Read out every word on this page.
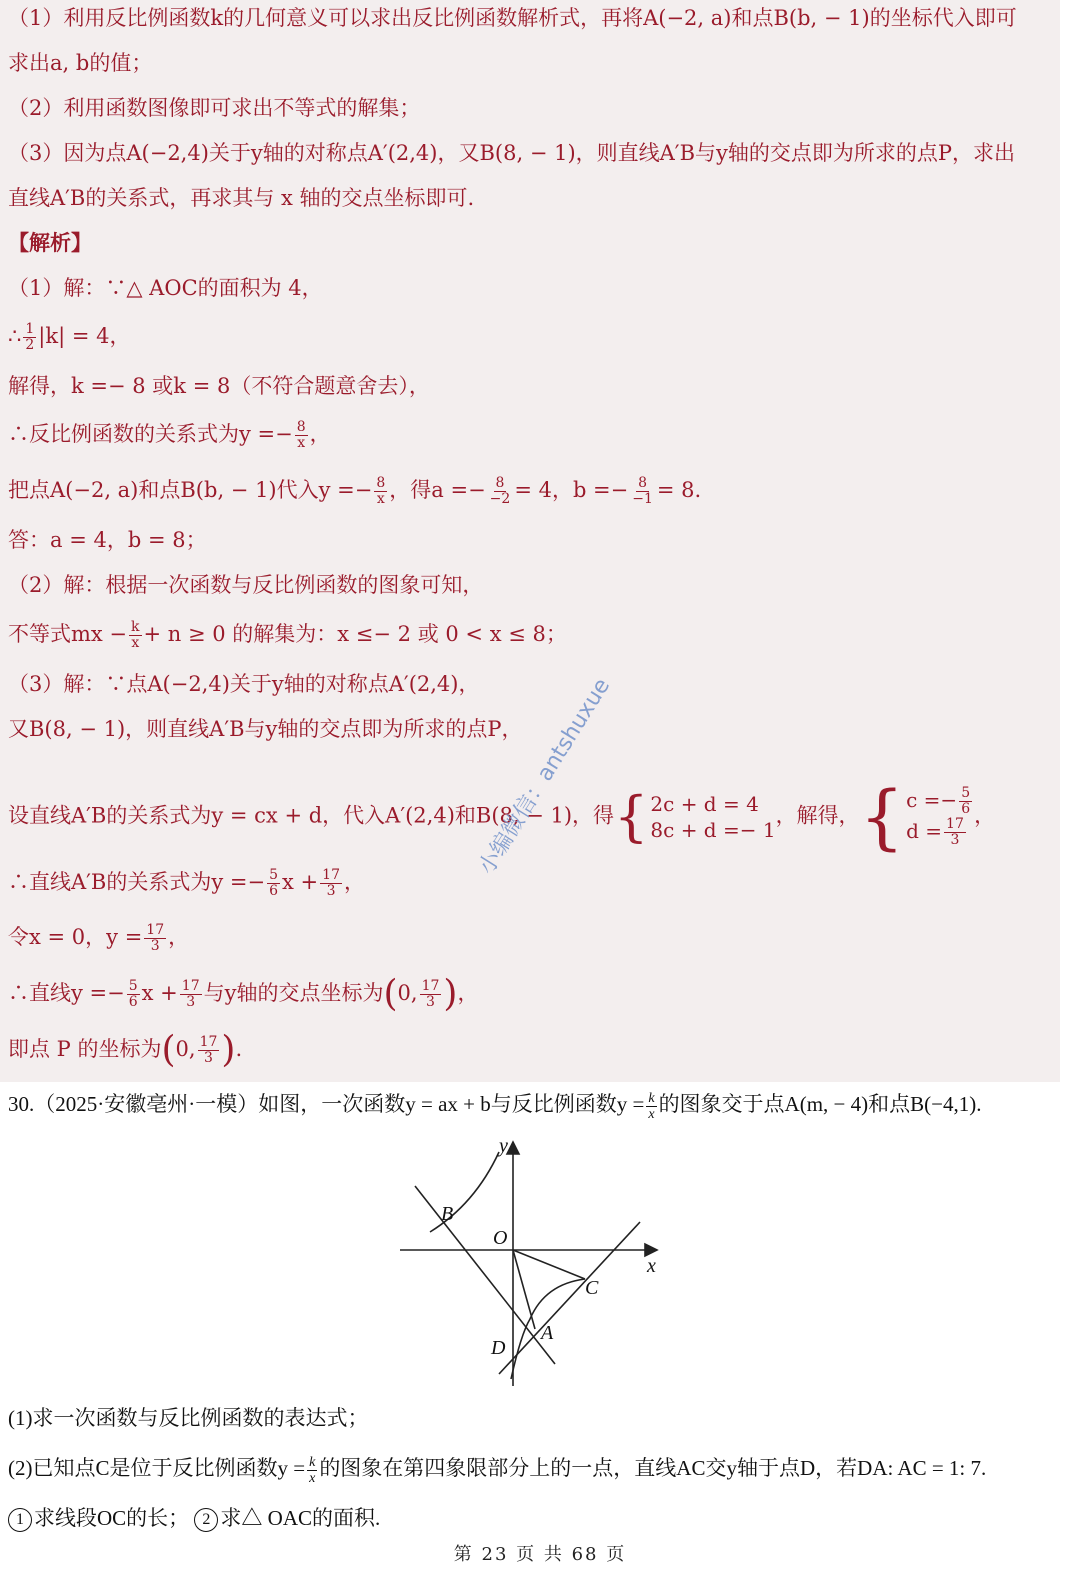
（1）利用反比例函数k的几何意义可以求出反比例函数解析式，再将A(−2, a)和点B(b, − 1)的坐标代入即可
求出a, b的值；
（2）利用函数图像即可求出不等式的解集；
（3）因为点A(−2,4)关于y轴的对称点A′(2,4)，又B(8, − 1)，则直线A′B与y轴的交点即为所求的点P，求出
直线A′B的关系式，再求其与 x 轴的交点坐标即可.
【解析】
（1）解：∵△ AOC的面积为 4，
∴ $\frac{1}{2} |k| = 4$，
解得，k =− 8 或k = 8（不符合题意舍去），
∴反比例函数的关系式为$y =- \frac{8}{x}$ ，
把点A(−2, a)和点B(b, − 1)代入$y =- \frac{8}{x}$ ，得$a =- \frac{8}{-2} = 4$，$b =- \frac{8}{-1} = 8$.
答：a = 4，b = 8；
（2）解：根据一次函数与反比例函数的图象可知，
不等式mx − $\frac{k}{x} + n \ge 0$ 的解集为：x ≤− 2 或 0 < x ≤ 8；
（3）解：∵点A(−2,4)关于y轴的对称点A′(2,4)，
又B(8, − 1)，则直线A′B与y轴的交点即为所求的点P，
设直线A′B的关系式为y = cx + d，代入A′(2,4)和B(8, − 1)，得 { 2c + d = 4
8c + d =− 1
，解得， { $c =- \frac{5}{6}$
$d = \frac{17}{3}$
，
∴直线A′B的关系式为$y =- \frac{5}{6}$ $x + \frac{17}{3}$ ，
令x = 0，$y = \frac{17}{3}$ ，
∴直线$y =- \frac{5}{6}$ $x + \frac{17}{3}$ 与y轴的交点坐标为(0, $\frac{17}{3}$ )，
即点 P 的坐标为(0, $\frac{17}{3}$ ).
小编微信：antshuxue
30.（2025·安徽亳州·一模）如图，一次函数y = ax + b与反比例函数$y = \frac{k}{x}$ 的图象交于点A(m, − 4)和点B(−4,1).
y
x
O
B
C
A
D
(1)求一次函数与反比例函数的表达式；
(2)已知点C是位于反比例函数$y = \frac{k}{x}$ 的图象在第四象限部分上的一点，直线AC交y轴于点D，若DA: AC = 1: 7.
1 求线段OC的长； 2 求△ OAC的面积.
第 23 页 共 68 页
